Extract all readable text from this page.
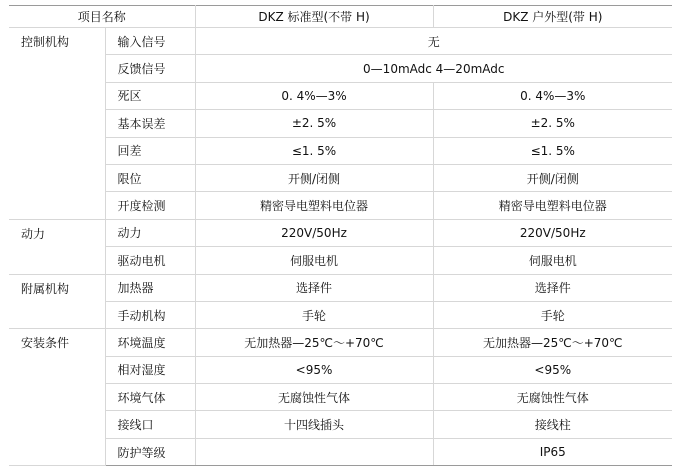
项目名称		DKZ 标准型(不带 H)	DKZ 户外型(带 H)
控制机构	输入信号	无	
	反馈信号	0—10mAdc 4—20mAdc	
	死区	0. 4%—3%	0. 4%—3%
	基本误差	±2. 5%	±2. 5%
	回差	≤1. 5%	≤1. 5%
	限位	开侧/闭侧	开侧/闭侧
	开度检测	精密导电塑料电位器	精密导电塑料电位器
动力	动力	220V/50Hz	220V/50Hz
	驱动电机	伺服电机	伺服电机
附属机构	加热器	选择件	选择件
	手动机构	手轮	手轮
安装条件	环境温度	无加热器—25℃～+70℃	无加热器—25℃～+70℃
	相对湿度	<95%	<95%
	环境气体	无腐蚀性气体	无腐蚀性气体
	接线口	十四线插头	接线柱
	防护等级		IP65
